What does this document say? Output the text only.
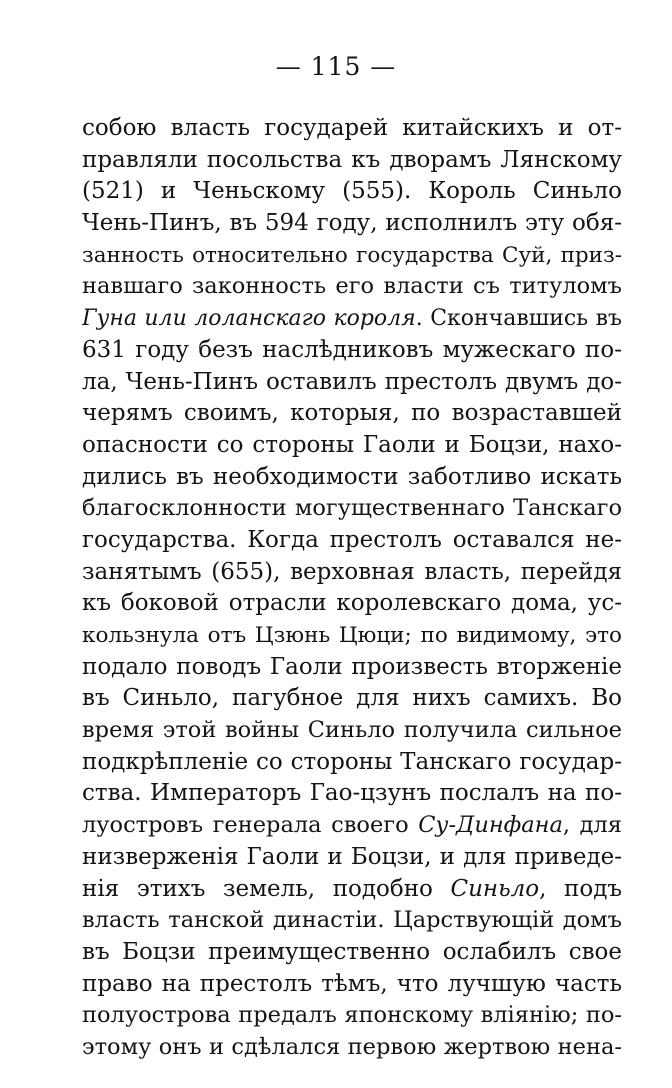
— 115 —
собою власть государей китайскихъ и от-
правляли посольства къ дворамъ Лянскому
(521) и Ченьскому (555). Король Синьло
Чень-Пинъ, въ 594 году, исполнилъ эту обя-
занность относительно государства Суй, приз-
навшаго законность его власти съ титуломъ
Гуна или лоланскаго короля. Скончавшись въ
631 году безъ наслѣдниковъ мужескаго по-
ла, Чень-Пинъ оставилъ престолъ двумъ до-
черямъ своимъ, которыя, по возраставшей
опасности со стороны Гаоли и Боцзи, нахо-
дились въ необходимости заботливо искать
благосклонности могущественнаго Танскаго
государства. Когда престолъ оставался не-
занятымъ (655), верховная власть, перейдя
къ боковой отрасли королевскаго дома, ус-
кользнула отъ Цзюнь Цюци; по видимому, это
подало поводъ Гаоли произвесть вторженіе
въ Синьло, пагубное для нихъ самихъ. Во
время этой войны Синьло получила сильное
подкрѣпленіе со стороны Танскаго государ-
ства. Императоръ Гао-цзунъ послалъ на по-
луостровъ генерала своего Су-Динфана, для
низверженія Гаоли и Боцзи, и для приведе-
нія этихъ земель, подобно Синьло, подъ
власть танской династіи. Царствующій домъ
въ Боцзи преимущественно ослабилъ свое
право на престолъ тѣмъ, что лучшую часть
полуострова предалъ японскому вліянію; по-
этому онъ и сдѣлался первою жертвою нена-
